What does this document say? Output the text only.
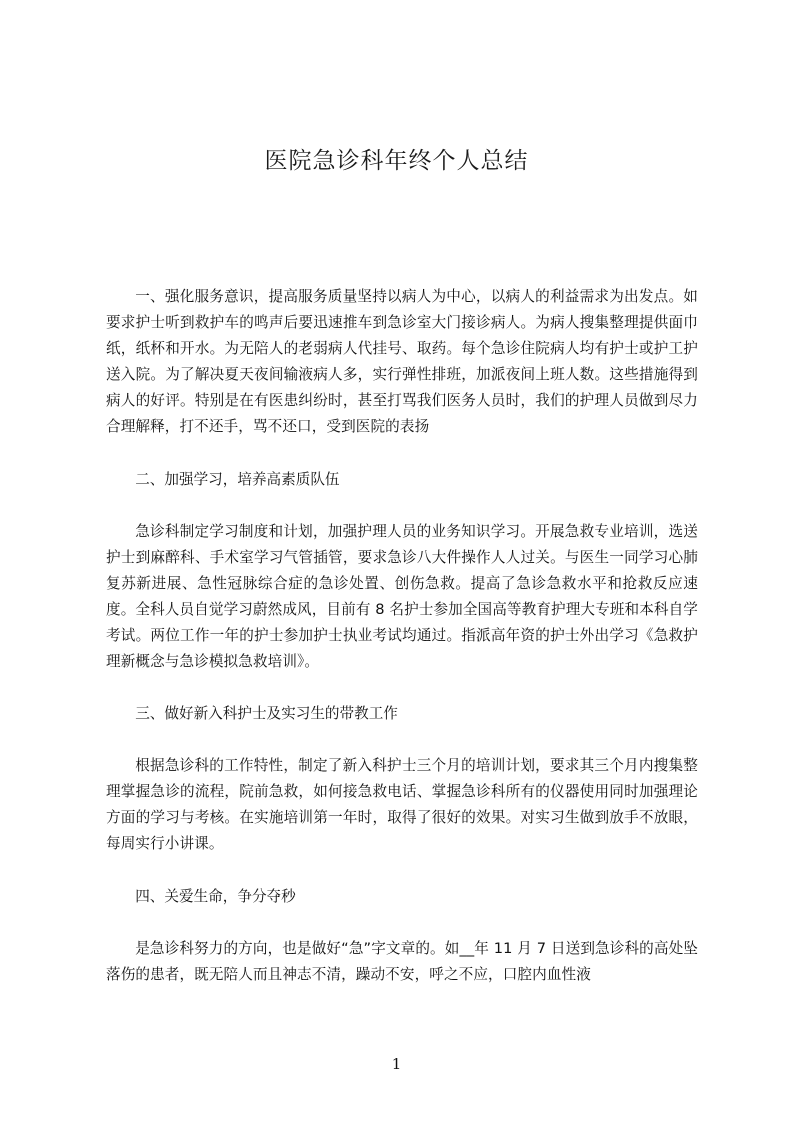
医院急诊科年终个人总结

一、强化服务意识，提高服务质量坚持以病人为中心，以病人的利益需求为出发点。如要求护士听到救护车的鸣声后要迅速推车到急诊室大门接诊病人。为病人搜集整理提供面巾纸，纸杯和开水。为无陪人的老弱病人代挂号、取药。每个急诊住院病人均有护士或护工护送入院。为了解决夏天夜间输液病人多，实行弹性排班，加派夜间上班人数。这些措施得到病人的好评。特别是在有医患纠纷时，甚至打骂我们医务人员时，我们的护理人员做到尽力合理解释，打不还手，骂不还口，受到医院的表扬

二、加强学习，培养高素质队伍

急诊科制定学习制度和计划，加强护理人员的业务知识学习。开展急救专业培训，选送护士到麻醉科、手术室学习气管插管，要求急诊八大件操作人人过关。与医生一同学习心肺复苏新进展、急性冠脉综合症的急诊处置、创伤急救。提高了急诊急救水平和抢救反应速度。全科人员自觉学习蔚然成风，目前有 8 名护士参加全国高等教育护理大专班和本科自学考试。两位工作一年的护士参加护士执业考试均通过。指派高年资的护士外出学习《急救护理新概念与急诊模拟急救培训》。

三、做好新入科护士及实习生的带教工作

根据急诊科的工作特性，制定了新入科护士三个月的培训计划，要求其三个月内搜集整理掌握急诊的流程，院前急救，如何接急救电话、掌握急诊科所有的仪器使用同时加强理论方面的学习与考核。在实施培训第一年时，取得了很好的效果。对实习生做到放手不放眼，每周实行小讲课。

四、关爱生命，争分夺秒

是急诊科努力的方向，也是做好“急”字文章的。如__年 11 月 7 日送到急诊科的高处坠落伤的患者，既无陪人而且神志不清，躁动不安，呼之不应，口腔内血性液

1
